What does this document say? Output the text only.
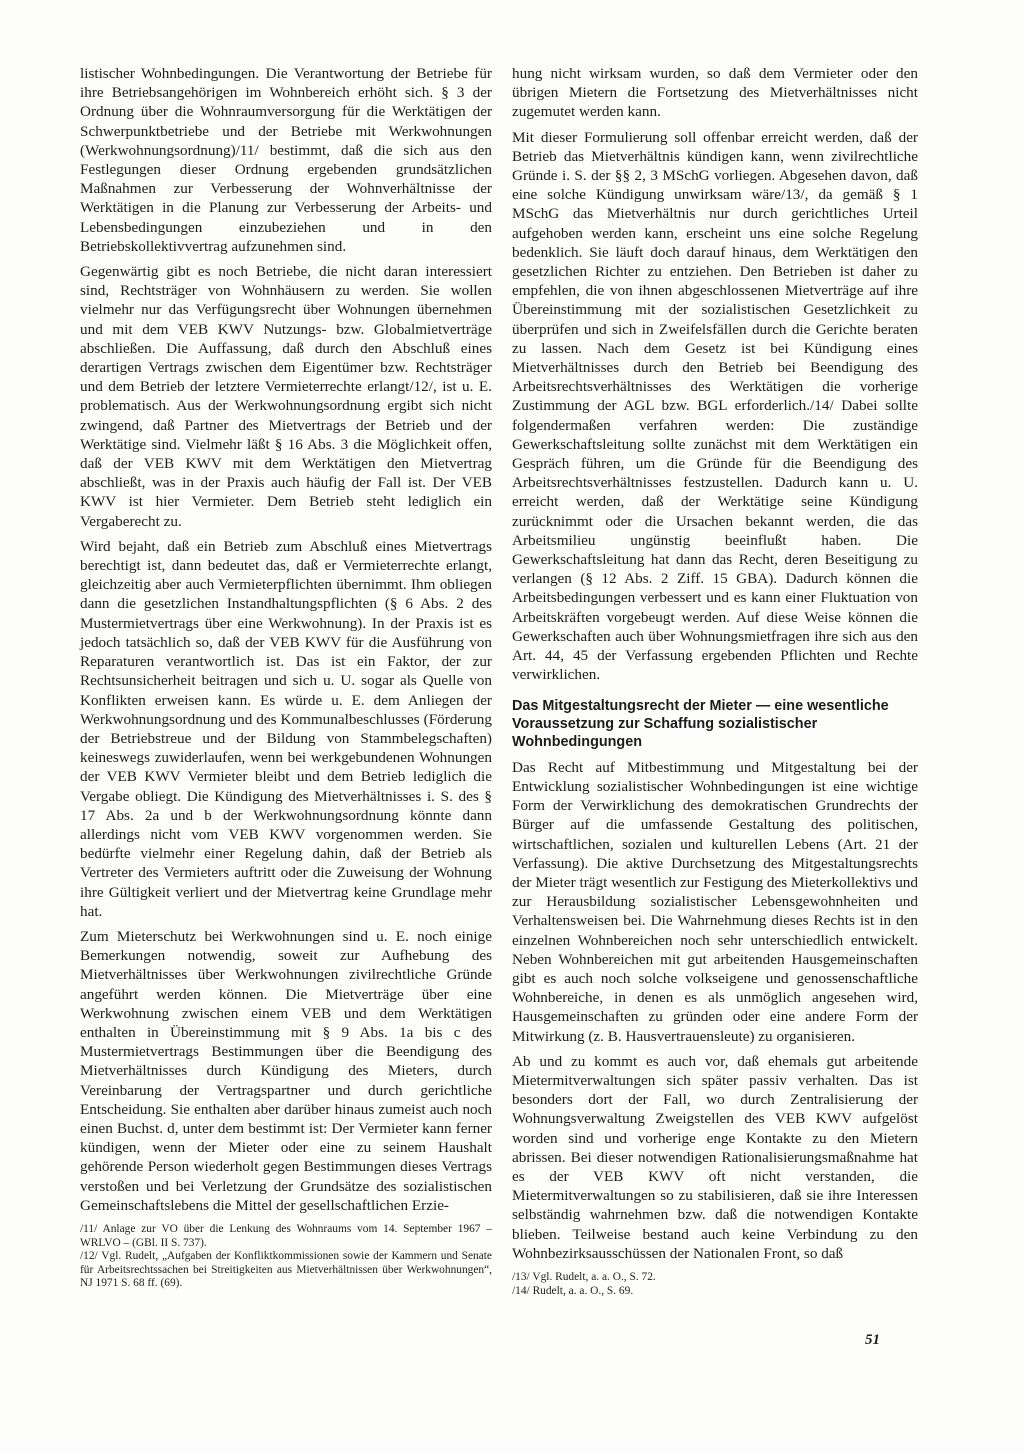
listischer Wohnbedingungen. Die Verantwortung der Betriebe für ihre Betriebsangehörigen im Wohnbereich erhöht sich. § 3 der Ordnung über die Wohnraumversorgung für die Werktätigen der Schwerpunktbetriebe und der Betriebe mit Werkwohnungen (Werkwohnungsordnung)/11/ bestimmt, daß die sich aus den Festlegungen dieser Ordnung ergebenden grundsätzlichen Maßnahmen zur Verbesserung der Wohnverhältnisse der Werktätigen in die Planung zur Verbesserung der Arbeits- und Lebensbedingungen einzubeziehen und in den Betriebskollektivvertrag aufzunehmen sind.

Gegenwärtig gibt es noch Betriebe, die nicht daran interessiert sind, Rechtsträger von Wohnhäusern zu werden. Sie wollen vielmehr nur das Verfügungsrecht über Wohnungen übernehmen und mit dem VEB KWV Nutzungs- bzw. Globalmietverträge abschließen. Die Auffassung, daß durch den Abschluß eines derartigen Vertrags zwischen dem Eigentümer bzw. Rechtsträger und dem Betrieb der letztere Vermieterrechte erlangt/12/, ist u. E. problematisch. Aus der Werkwohnungsordnung ergibt sich nicht zwingend, daß Partner des Mietvertrags der Betrieb und der Werktätige sind. Vielmehr läßt § 16 Abs. 3 die Möglichkeit offen, daß der VEB KWV mit dem Werktätigen den Mietvertrag abschließt, was in der Praxis auch häufig der Fall ist. Der VEB KWV ist hier Vermieter. Dem Betrieb steht lediglich ein Vergaberecht zu.

Wird bejaht, daß ein Betrieb zum Abschluß eines Mietvertrags berechtigt ist, dann bedeutet das, daß er Vermieterrechte erlangt, gleichzeitig aber auch Vermieterpflichten übernimmt. Ihm obliegen dann die gesetzlichen Instandhaltungspflichten (§ 6 Abs. 2 des Mustermietvertrags über eine Werkwohnung). In der Praxis ist es jedoch tatsächlich so, daß der VEB KWV für die Ausführung von Reparaturen verantwortlich ist. Das ist ein Faktor, der zur Rechtsunsicherheit beitragen und sich u. U. sogar als Quelle von Konflikten erweisen kann. Es würde u. E. dem Anliegen der Werkwohnungsordnung und des Kommunalbeschlusses (Förderung der Betriebstreue und der Bildung von Stammbelegschaften) keineswegs zuwiderlaufen, wenn bei werkgebundenen Wohnungen der VEB KWV Vermieter bleibt und dem Betrieb lediglich die Vergabe obliegt. Die Kündigung des Mietverhältnisses i. S. des § 17 Abs. 2a und b der Werkwohnungsordnung könnte dann allerdings nicht vom VEB KWV vorgenommen werden. Sie bedürfte vielmehr einer Regelung dahin, daß der Betrieb als Vertreter des Vermieters auftritt oder die Zuweisung der Wohnung ihre Gültigkeit verliert und der Mietvertrag keine Grundlage mehr hat.

Zum Mieterschutz bei Werkwohnungen sind u. E. noch einige Bemerkungen notwendig, soweit zur Aufhebung des Mietverhältnisses über Werkwohnungen zivilrechtliche Gründe angeführt werden können. Die Mietverträge über eine Werkwohnung zwischen einem VEB und dem Werktätigen enthalten in Übereinstimmung mit § 9 Abs. 1a bis c des Mustermietvertrags Bestimmungen über die Beendigung des Mietverhältnisses durch Kündigung des Mieters, durch Vereinbarung der Vertragspartner und durch gerichtliche Entscheidung. Sie enthalten aber darüber hinaus zumeist auch noch einen Buchst. d, unter dem bestimmt ist: Der Vermieter kann ferner kündigen, wenn der Mieter oder eine zu seinem Haushalt gehörende Person wiederholt gegen Bestimmungen dieses Vertrags verstoßen und bei Verletzung der Grundsätze des sozialistischen Gemeinschaftslebens die Mittel der gesellschaftlichen Erzie-

/11/ Anlage zur VO über die Lenkung des Wohnraums vom 14. September 1967 – WRLVO – (GBl. II S. 737).

/12/ Vgl. Rudelt, „Aufgaben der Konfliktkommissionen sowie der Kammern und Senate für Arbeitsrechtssachen bei Streitigkeiten aus Mietverhältnissen über Werkwohnungen“, NJ 1971 S. 68 ff. (69).

hung nicht wirksam wurden, so daß dem Vermieter oder den übrigen Mietern die Fortsetzung des Mietverhältnisses nicht zugemutet werden kann.

Mit dieser Formulierung soll offenbar erreicht werden, daß der Betrieb das Mietverhältnis kündigen kann, wenn zivilrechtliche Gründe i. S. der §§ 2, 3 MSchG vorliegen. Abgesehen davon, daß eine solche Kündigung unwirksam wäre/13/, da gemäß § 1 MSchG das Mietverhältnis nur durch gerichtliches Urteil aufgehoben werden kann, erscheint uns eine solche Regelung bedenklich. Sie läuft doch darauf hinaus, dem Werktätigen den gesetzlichen Richter zu entziehen. Den Betrieben ist daher zu empfehlen, die von ihnen abgeschlossenen Mietverträge auf ihre Übereinstimmung mit der sozialistischen Gesetzlichkeit zu überprüfen und sich in Zweifelsfällen durch die Gerichte beraten zu lassen. Nach dem Gesetz ist bei Kündigung eines Mietverhältnisses durch den Betrieb bei Beendigung des Arbeitsrechtsverhältnisses des Werktätigen die vorherige Zustimmung der AGL bzw. BGL erforderlich./14/ Dabei sollte folgendermaßen verfahren werden: Die zuständige Gewerkschaftsleitung sollte zunächst mit dem Werktätigen ein Gespräch führen, um die Gründe für die Beendigung des Arbeitsrechtsverhältnisses festzustellen. Dadurch kann u. U. erreicht werden, daß der Werktätige seine Kündigung zurücknimmt oder die Ursachen bekannt werden, die das Arbeitsmilieu ungünstig beeinflußt haben. Die Gewerkschaftsleitung hat dann das Recht, deren Beseitigung zu verlangen (§ 12 Abs. 2 Ziff. 15 GBA). Dadurch können die Arbeitsbedingungen verbessert und es kann einer Fluktuation von Arbeitskräften vorgebeugt werden. Auf diese Weise können die Gewerkschaften auch über Wohnungsmietfragen ihre sich aus den Art. 44, 45 der Verfassung ergebenden Pflichten und Rechte verwirklichen.

Das Mitgestaltungsrecht der Mieter — eine wesentliche Voraussetzung zur Schaffung sozialistischer Wohnbedingungen

Das Recht auf Mitbestimmung und Mitgestaltung bei der Entwicklung sozialistischer Wohnbedingungen ist eine wichtige Form der Verwirklichung des demokratischen Grundrechts der Bürger auf die umfassende Gestaltung des politischen, wirtschaftlichen, sozialen und kulturellen Lebens (Art. 21 der Verfassung). Die aktive Durchsetzung des Mitgestaltungsrechts der Mieter trägt wesentlich zur Festigung des Mieterkollektivs und zur Herausbildung sozialistischer Lebensgewohnheiten und Verhaltensweisen bei. Die Wahrnehmung dieses Rechts ist in den einzelnen Wohnbereichen noch sehr unterschiedlich entwickelt. Neben Wohnbereichen mit gut arbeitenden Hausgemeinschaften gibt es auch noch solche volkseigene und genossenschaftliche Wohnbereiche, in denen es als unmöglich angesehen wird, Hausgemeinschaften zu gründen oder eine andere Form der Mitwirkung (z. B. Hausvertrauensleute) zu organisieren.

Ab und zu kommt es auch vor, daß ehemals gut arbeitende Mietermitverwaltungen sich später passiv verhalten. Das ist besonders dort der Fall, wo durch Zentralisierung der Wohnungsverwaltung Zweigstellen des VEB KWV aufgelöst worden sind und vorherige enge Kontakte zu den Mietern abrissen. Bei dieser notwendigen Rationalisierungsmaßnahme hat es der VEB KWV oft nicht verstanden, die Mietermitverwaltungen so zu stabilisieren, daß sie ihre Interessen selbständig wahrnehmen bzw. daß die notwendigen Kontakte blieben. Teilweise bestand auch keine Verbindung zu den Wohnbezirksausschüssen der Nationalen Front, so daß

/13/ Vgl. Rudelt, a. a. O., S. 72.

/14/ Rudelt, a. a. O., S. 69.

51
